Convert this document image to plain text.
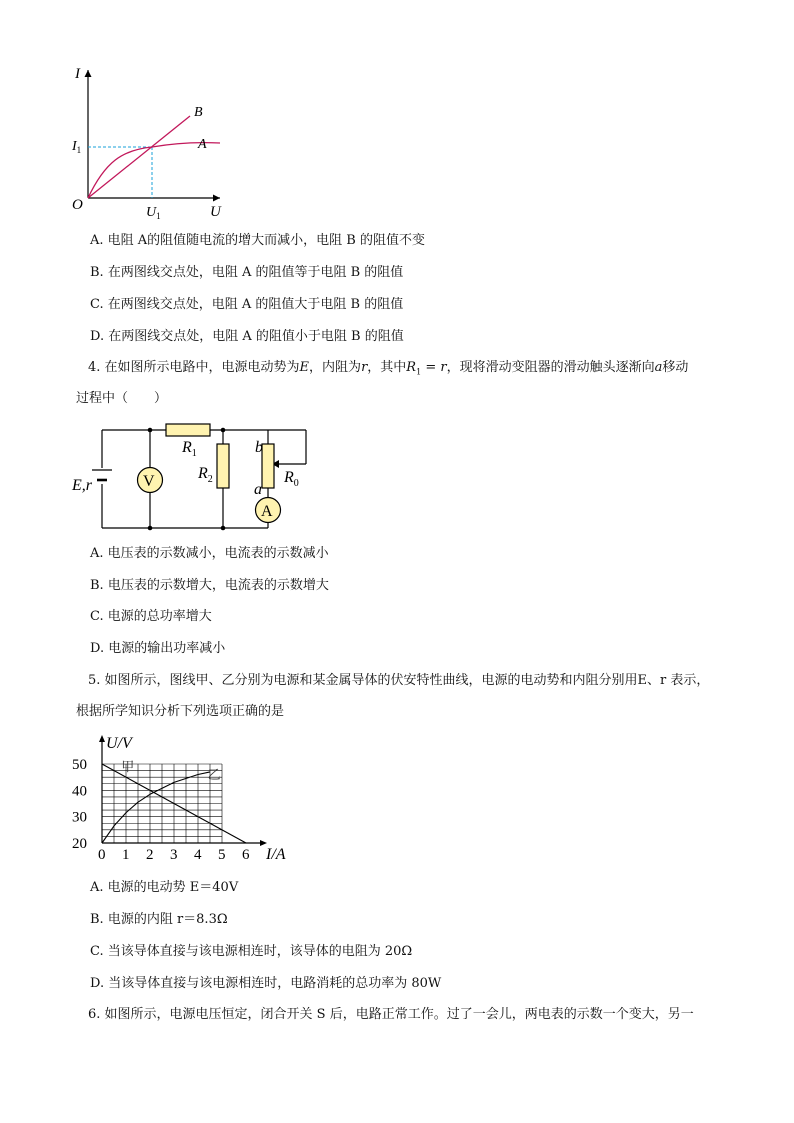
I
U
O
$I_1$
$U_1$
B
A
A. 电阻 A的阻值随电流的增大而减小，电阻 B 的阻值不变
B. 在两图线交点处，电阻 A 的阻值等于电阻 B 的阻值
C. 在两图线交点处，电阻 A 的阻值大于电阻 B 的阻值
D. 在两图线交点处，电阻 A 的阻值小于电阻 B 的阻值
4. 在如图所示电路中，电源电动势为E，内阻为r，其中$R_1 = r$，现将滑动变阻器的滑动触头逐渐向a移动
过程中（　　）
V
A
E,r
$R_1$
$R_2$	$R_0$
b
a
A. 电压表的示数减小，电流表的示数减小
B. 电压表的示数增大，电流表的示数增大
C. 电源的总功率增大
D. 电源的输出功率减小
5. 如图所示，图线甲、乙分别为电源和某金属导体的伏安特性曲线，电源的电动势和内阻分别用E、r 表示，
根据所学知识分析下列选项正确的是
0 1 2 3 4 5 6
20
30
40
50
U/V
I/A
甲
乙
A. 电源的电动势 E＝40V
B. 电源的内阻 r＝8.3Ω
C. 当该导体直接与该电源相连时，该导体的电阻为 20Ω
D. 当该导体直接与该电源相连时，电路消耗的总功率为 80W
6. 如图所示，电源电压恒定，闭合开关 S 后，电路正常工作。过了一会儿，两电表的示数一个变大，另一
